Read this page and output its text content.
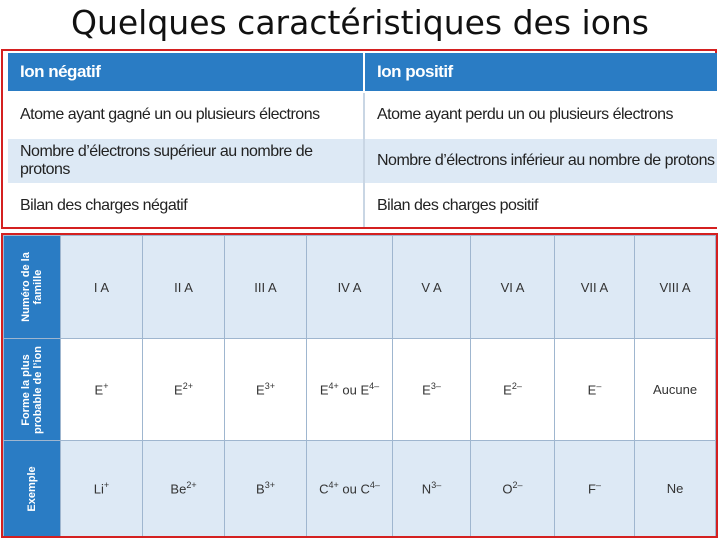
Quelques caractéristiques des ions
Ion négatif	Ion positif
Atome ayant gagné un ou plusieurs électrons	Atome ayant perdu un ou plusieurs électrons
Nombre d’électrons supérieur au nombre de protons	Nombre d’électrons inférieur au nombre de protons
Bilan des charges négatif	Bilan des charges positif
Numéro de la famille	I A	II A	III A	IV A	V A	VI A	VII A	VIII A

Forme la plus probable de l’ion	E+	$E^{2+}$	$E^{3+}$	$E^{4+}$ ou $E^{4-}$	$E^{3-}$	$E^{2-}$	E–	Aucune

Exemple	Li+	$Be^{2+}$	$B^{3+}$	$C^{4+}$ ou $C^{4-}$	$N^{3-}$	$O^{2-}$	F–	Ne
